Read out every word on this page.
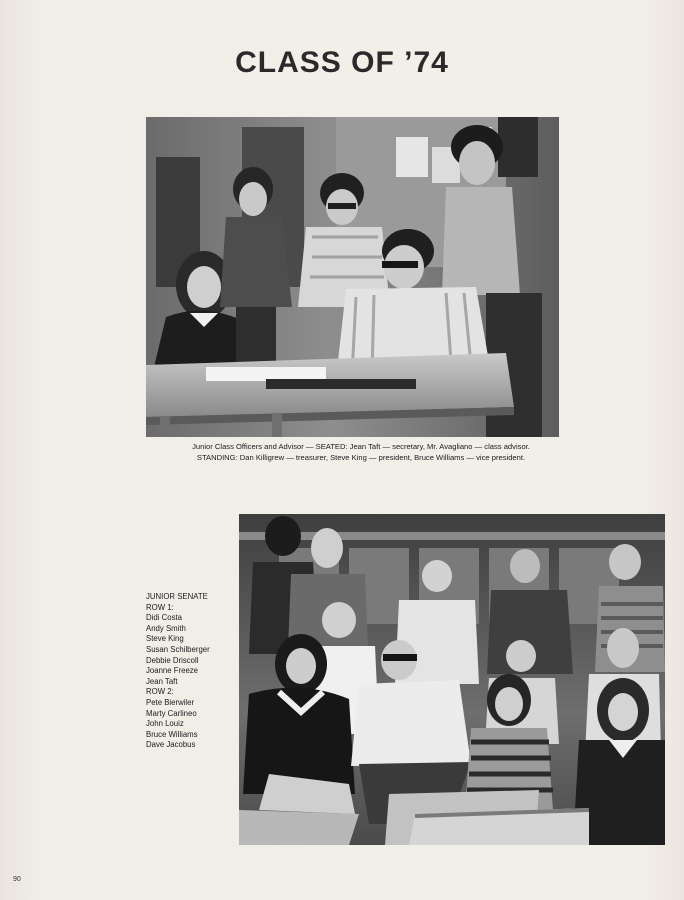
CLASS OF ’74
Junior Class Officers and Advisor — SEATED: Jean Taft — secretary, Mr. Avagliano — class advisor.
STANDING: Dan Killigrew — treasurer, Steve King — president, Bruce Williams — vice president.
JUNIOR SENATE
ROW 1:
Didi Costa
Andy Smith
Steve King
Susan Schilberger
Debbie Driscoll
Joanne Freeze
Jean Taft
ROW 2:
Pete Bierwiler
Marty Carlineo
John Louiz
Bruce Williams
Dave Jacobus
90
